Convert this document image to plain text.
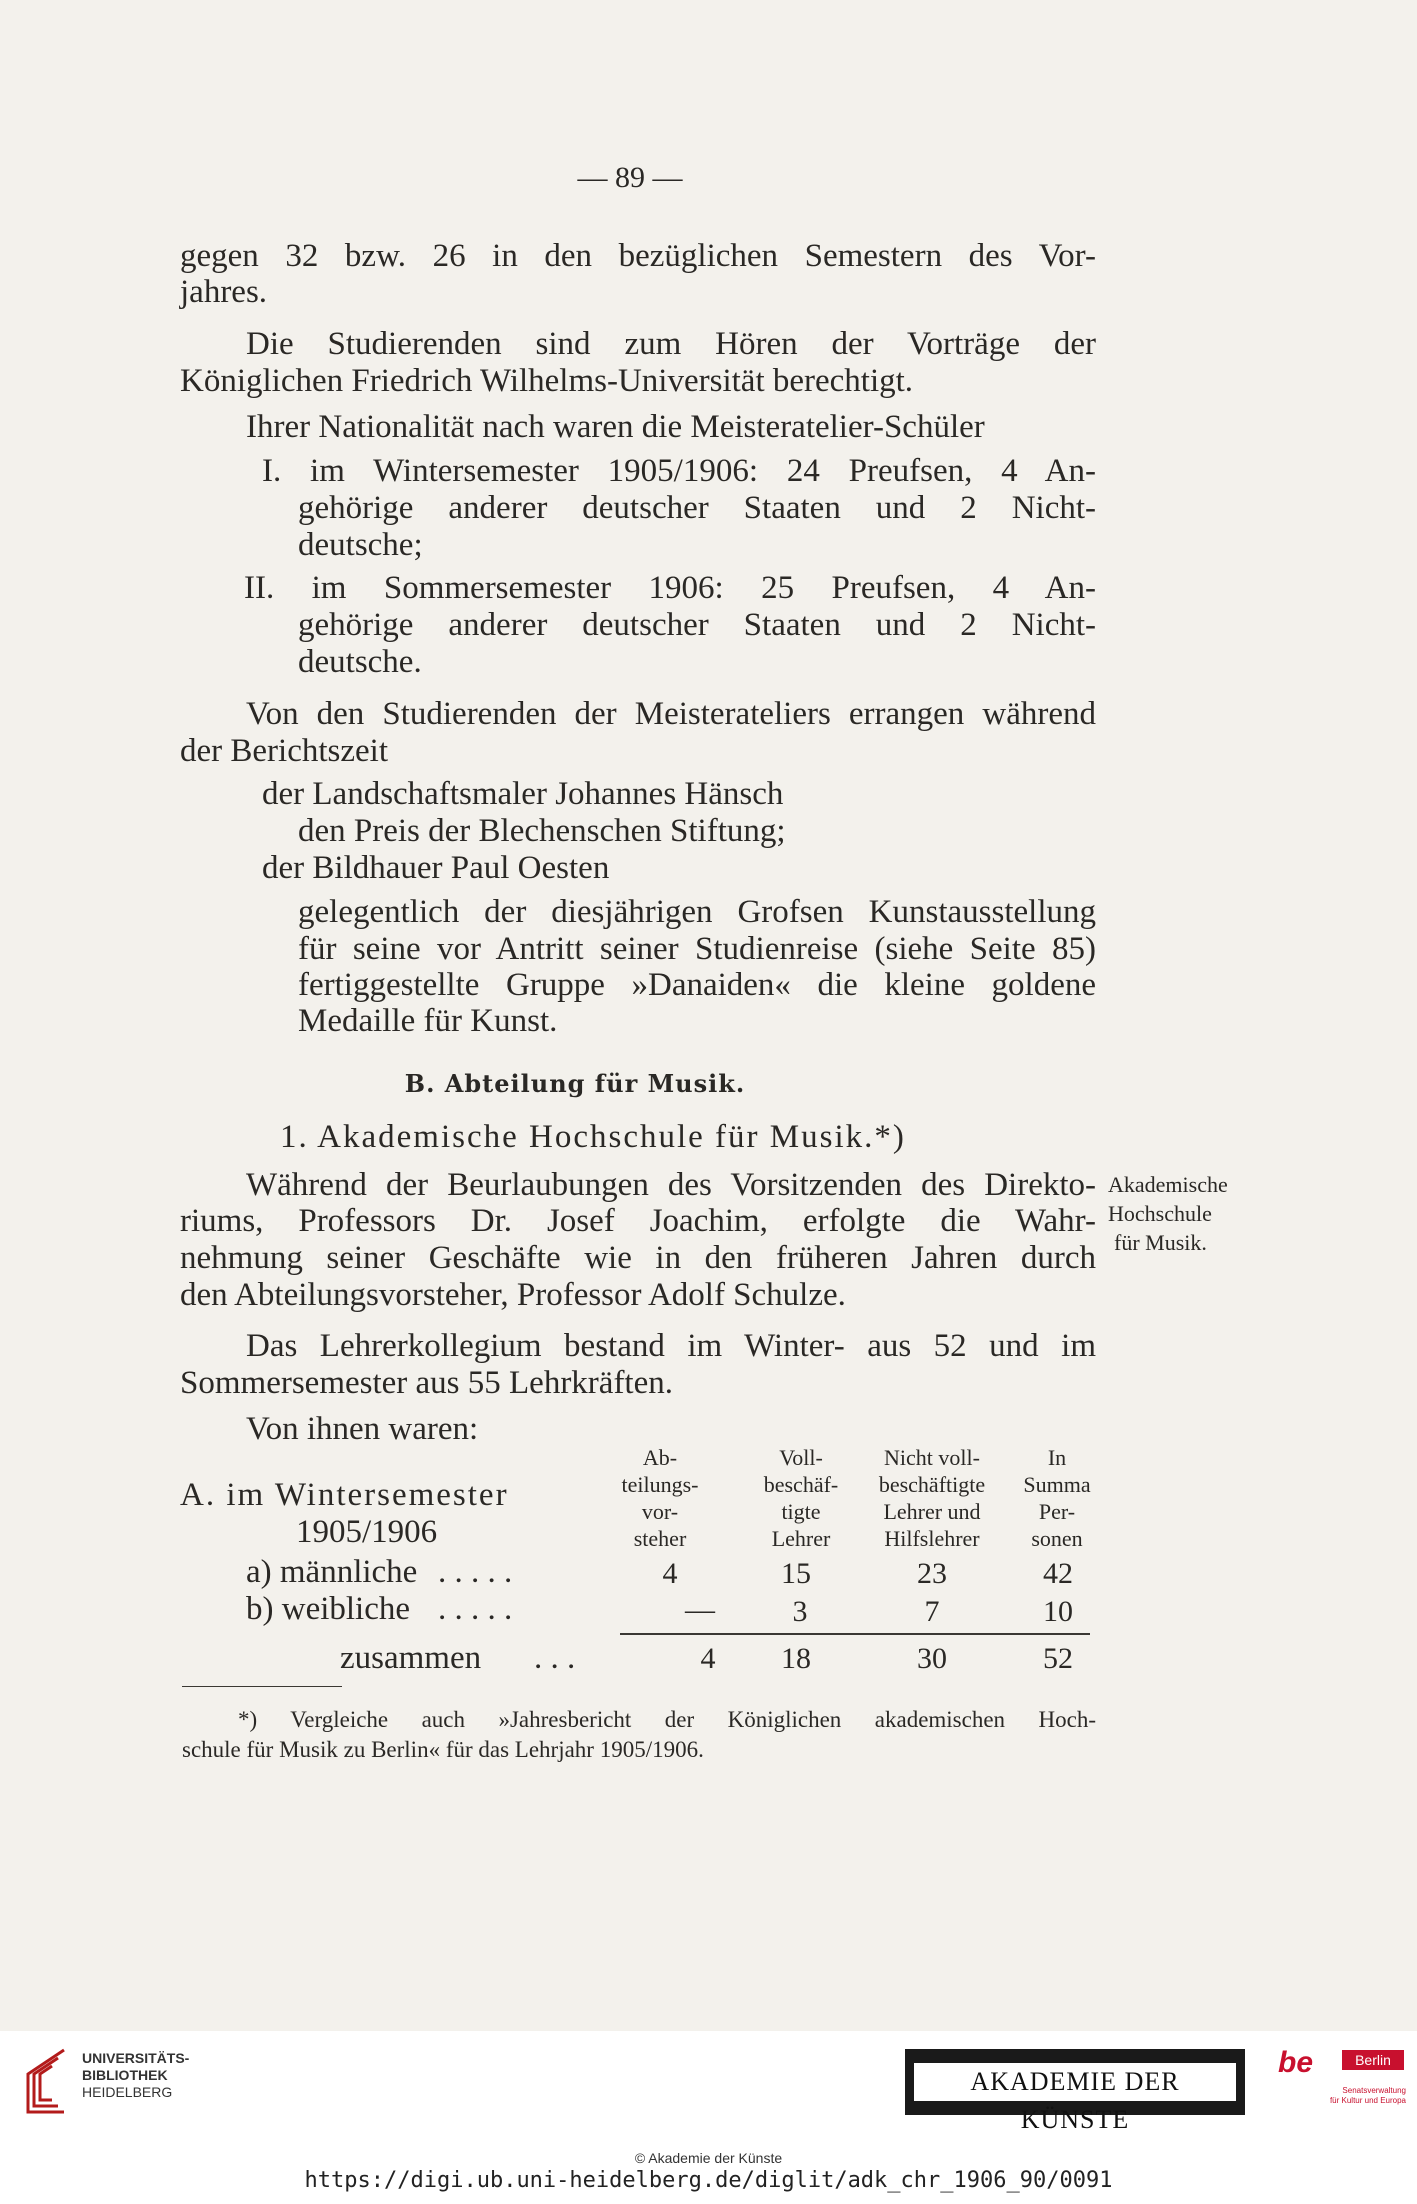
— 89 —
gegen 32 bzw. 26 in den bezüglichen Semestern des Vor-
jahres.
Die Studierenden sind zum Hören der Vorträge der
Königlichen Friedrich Wilhelms-Universität berechtigt.
Ihrer Nationalität nach waren die Meisteratelier-Schüler
I. im Wintersemester 1905/1906: 24 Preufsen, 4 An-
gehörige anderer deutscher Staaten und 2 Nicht-
deutsche;
II. im Sommersemester 1906: 25 Preufsen, 4 An-
gehörige anderer deutscher Staaten und 2 Nicht-
deutsche.
Von den Studierenden der Meisterateliers errangen während
der Berichtszeit
der Landschaftsmaler Johannes Hänsch
den Preis der Blechenschen Stiftung;
der Bildhauer Paul Oesten
gelegentlich der diesjährigen Grofsen Kunstausstellung
für seine vor Antritt seiner Studienreise (siehe Seite 85)
fertiggestellte Gruppe »Danaiden« die kleine goldene
Medaille für Kunst.
B. Abteilung für Musik.
1. Akademische Hochschule für Musik.*)
Während der Beurlaubungen des Vorsitzenden des Direkto-
riums, Professors Dr. Josef Joachim, erfolgte die Wahr-
nehmung seiner Geschäfte wie in den früheren Jahren durch
den Abteilungsvorsteher, Professor Adolf Schulze.
Das Lehrerkollegium bestand im Winter- aus 52 und im
Sommersemester aus 55 Lehrkräften.
Von ihnen waren:
Akademische
Hochschule
für Musik.
A. im Wintersemester
1905/1906
Ab-
teilungs-
vor-
steher
Voll-
beschäf-
tigte
Lehrer
Nicht voll-
beschäftigte
Lehrer und
Hilfslehrer
In
Summa
Per-
sonen
a) männliche . . . . .	4	15	23	42
b) weibliche . . . . .	—	3	7	10
zusammen . . .	4	18	30	52
*) Vergleiche auch »Jahresbericht der Königlichen akademischen Hoch-
schule für Musik zu Berlin« für das Lehrjahr 1905/1906.
UNIVERSITÄTS-
BIBLIOTHEK
HEIDELBERG	AKADEMIE DER KÜNSTE
be	Berlin
Senatsverwaltung
für Kultur und Europa
© Akademie der Künste
https://digi.ub.uni-heidelberg.de/diglit/adk_chr_1906_90/0091
